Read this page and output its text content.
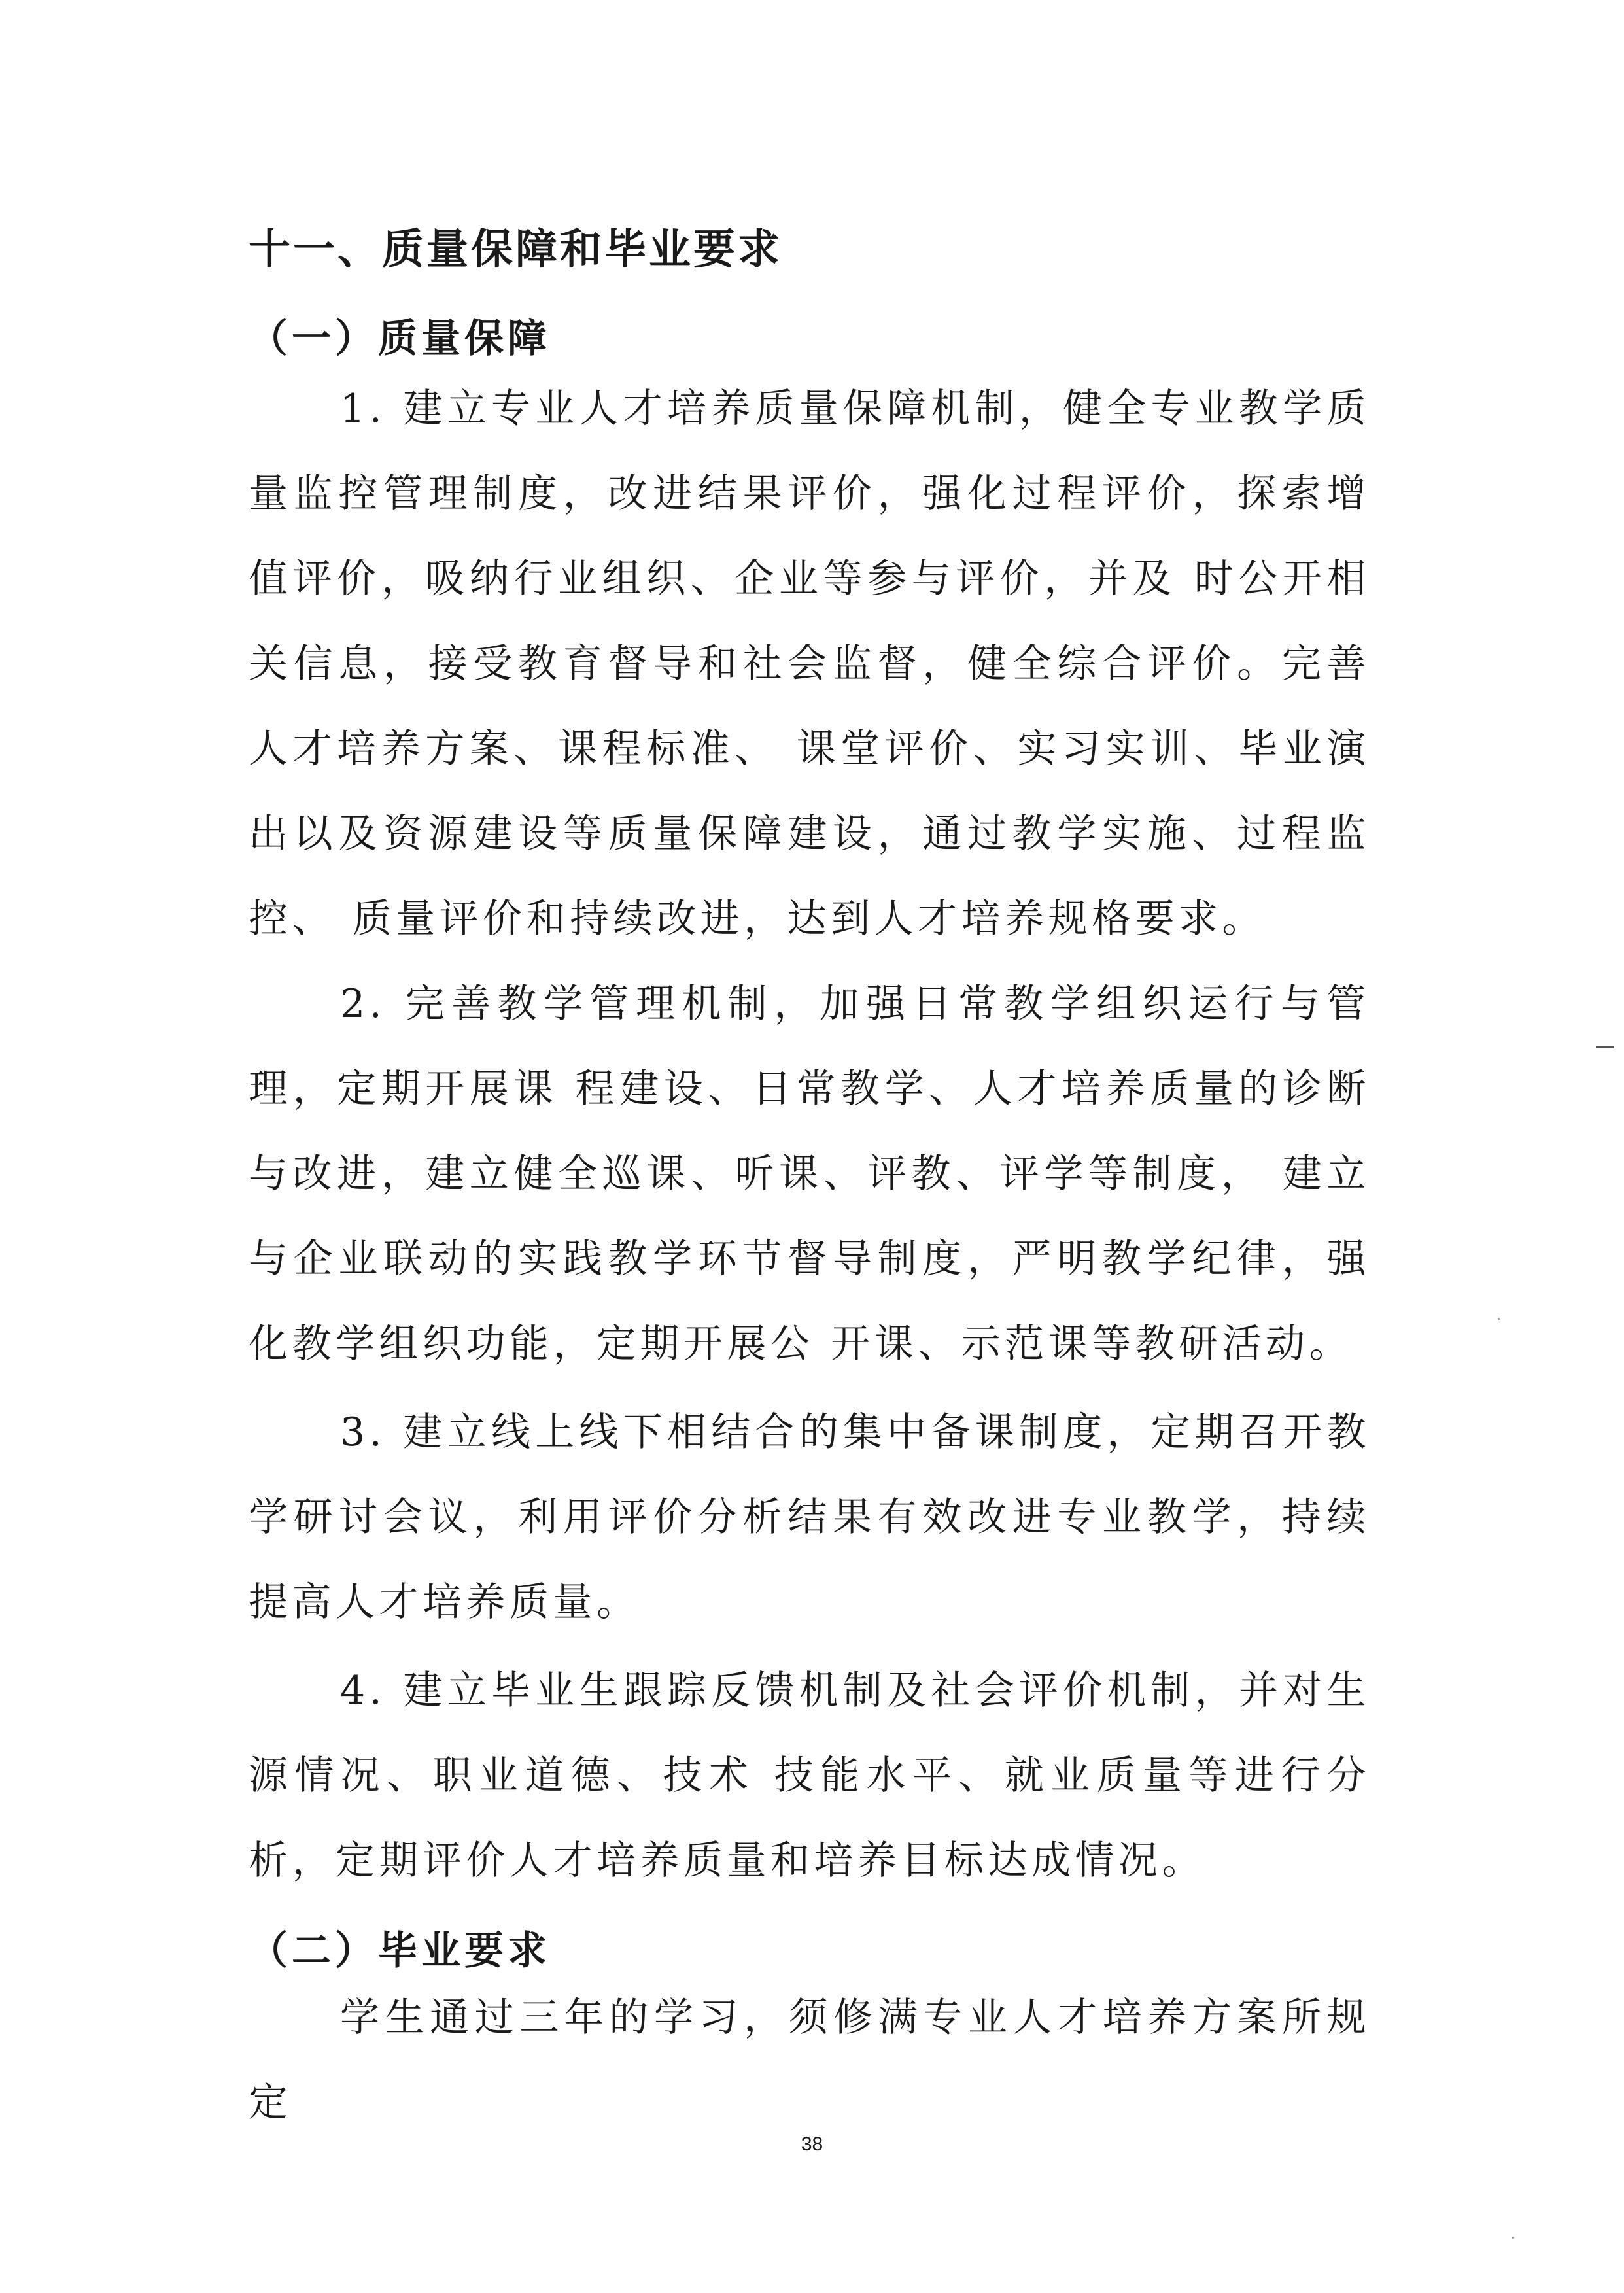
十一、质量保障和毕业要求
（一）质量保障
1. 建立专业人才培养质量保障机制，健全专业教学质量监控管理制度，改进结果评价，强化过程评价，探索增值评价，吸纳行业组织、企业等参与评价，并及 时公开相关信息，接受教育督导和社会监督，健全综合评价。完善人才培养方案、课程标准、 课堂评价、实习实训、毕业演出以及资源建设等质量保障建设，通过教学实施、过程监控、 质量评价和持续改进，达到人才培养规格要求。
2. 完善教学管理机制，加强日常教学组织运行与管理，定期开展课 程建设、日常教学、人才培养质量的诊断与改进，建立健全巡课、听课、评教、评学等制度， 建立与企业联动的实践教学环节督导制度，严明教学纪律，强化教学组织功能，定期开展公 开课、示范课等教研活动。
3. 建立线上线下相结合的集中备课制度，定期召开教学研讨会议，利用评价分析结果有效改进专业教学，持续提高人才培养质量。
4. 建立毕业生跟踪反馈机制及社会评价机制，并对生源情况、职业道德、技术 技能水平、就业质量等进行分析，定期评价人才培养质量和培养目标达成情况。
（二）毕业要求
学生通过三年的学习，须修满专业人才培养方案所规定
38
